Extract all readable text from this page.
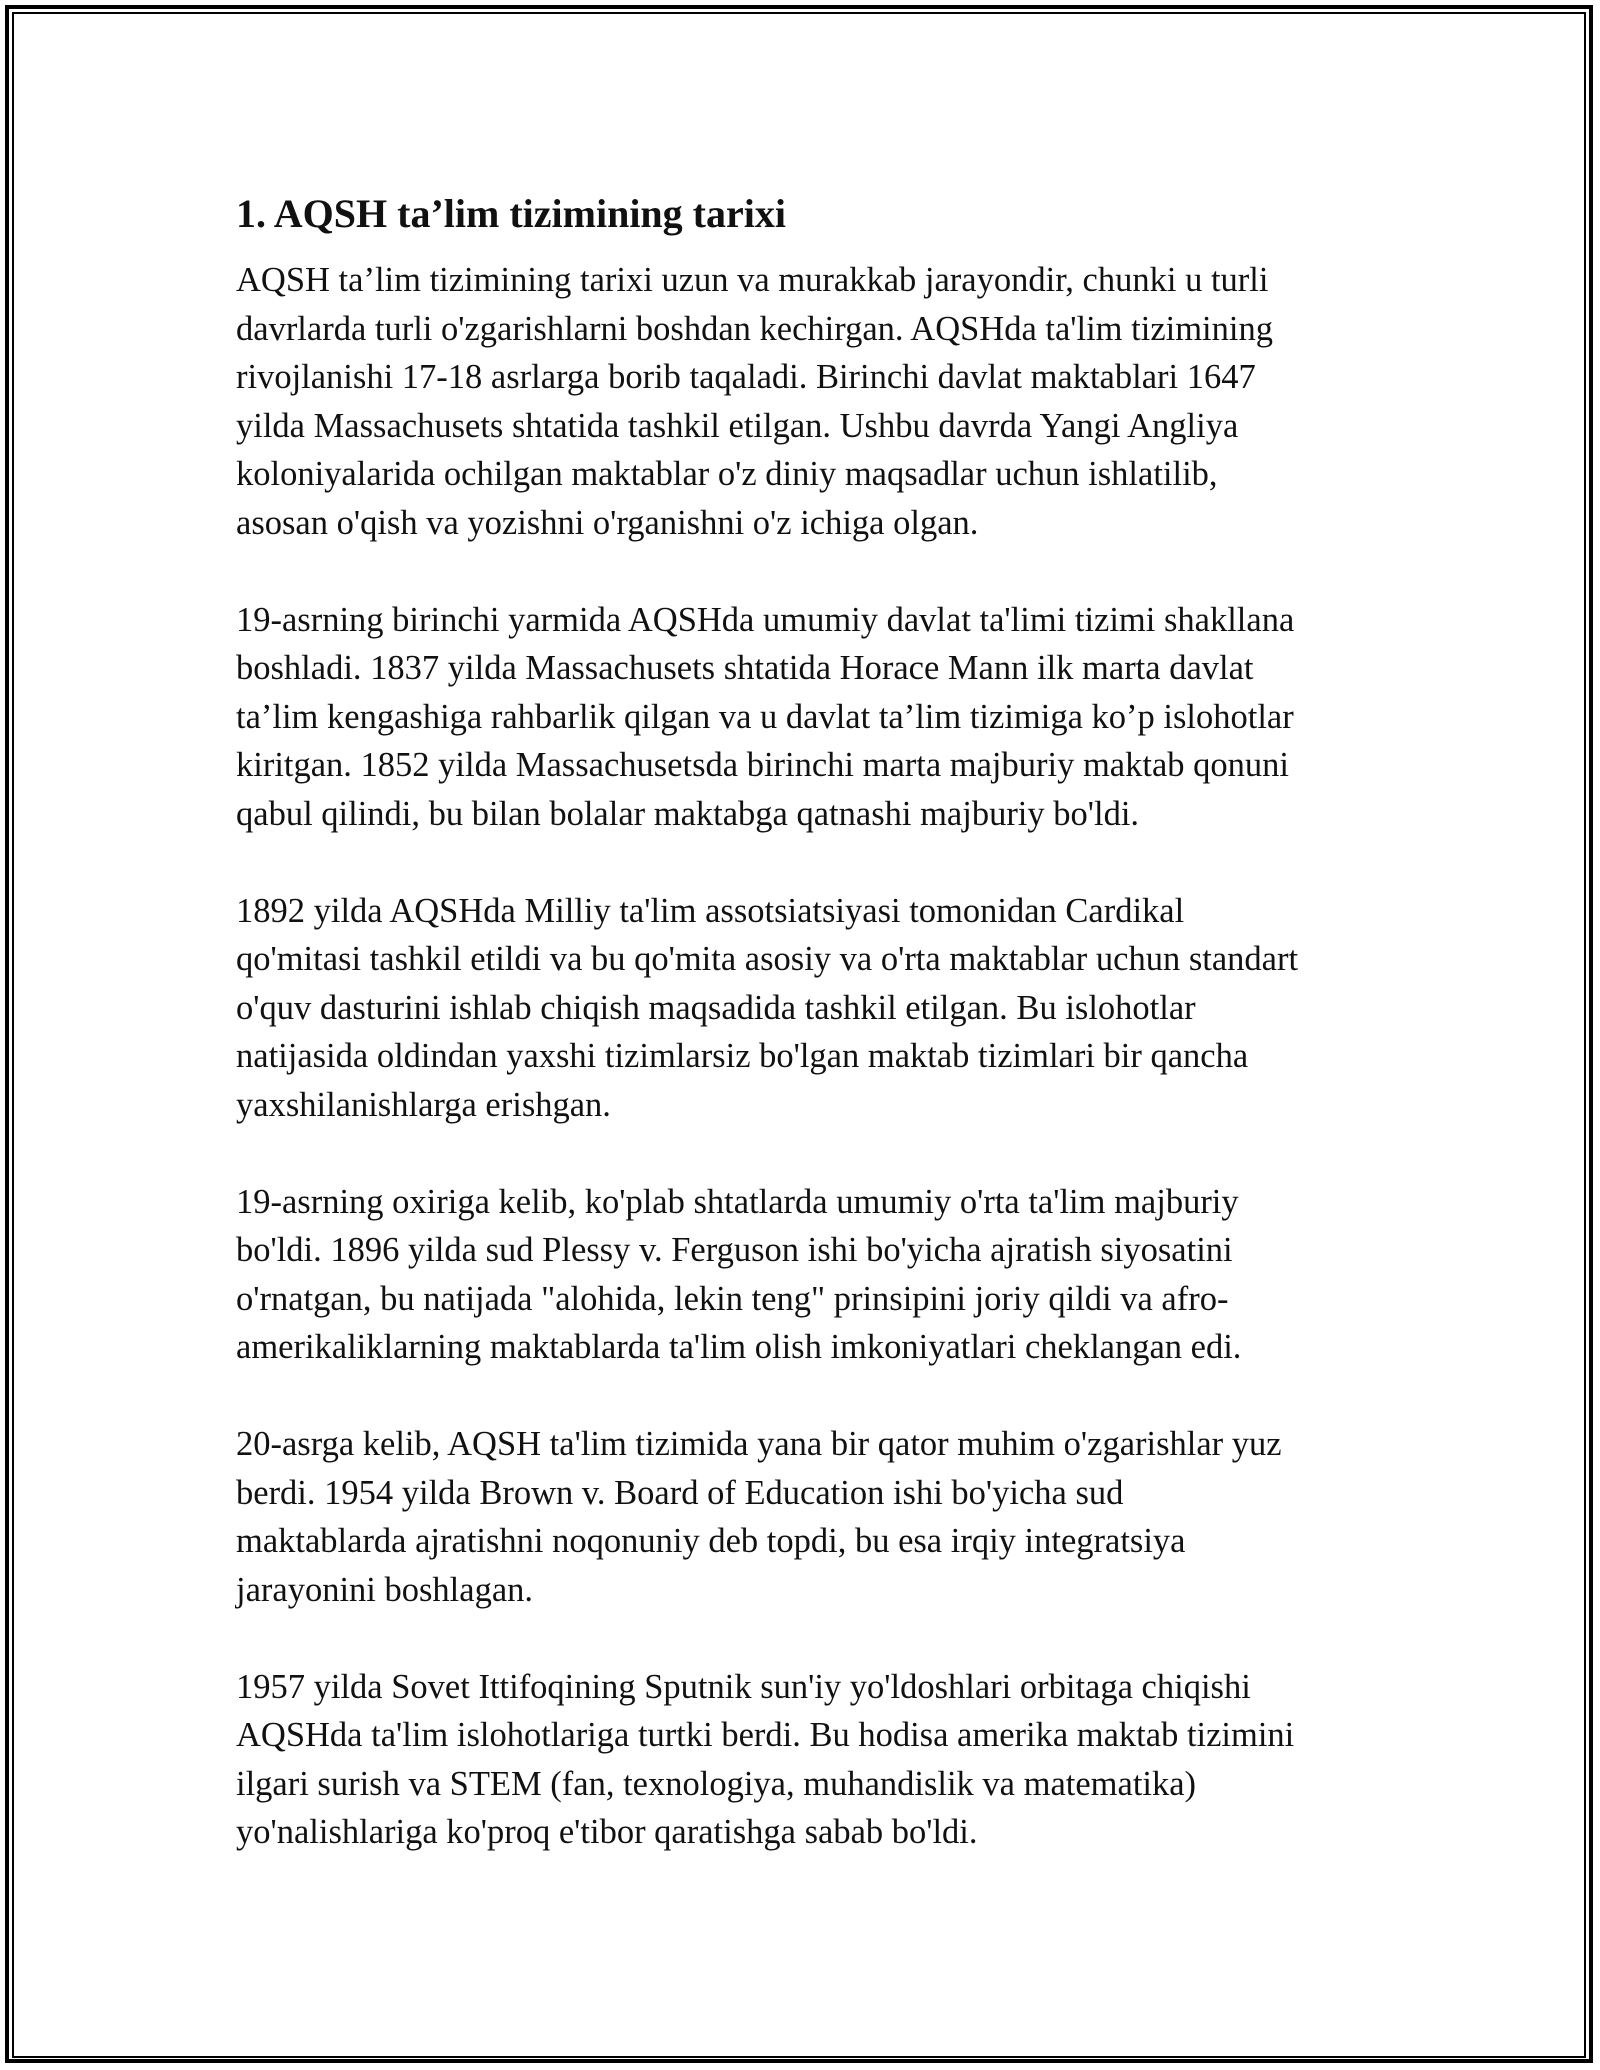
1. AQSH ta’lim tizimining tarixi
AQSH ta’lim tizimining tarixi uzun va murakkab jarayondir, chunki u turli
davrlarda turli o'zgarishlarni boshdan kechirgan. AQSHda ta'lim tizimining
rivojlanishi 17-18 asrlarga borib taqaladi. Birinchi davlat maktablari 1647
yilda Massachusets shtatida tashkil etilgan. Ushbu davrda Yangi Angliya
koloniyalarida ochilgan maktablar o'z diniy maqsadlar uchun ishlatilib,
asosan o'qish va yozishni o'rganishni o'z ichiga olgan.
19-asrning birinchi yarmida AQSHda umumiy davlat ta'limi tizimi shakllana
boshladi. 1837 yilda Massachusets shtatida Horace Mann ilk marta davlat
ta’lim kengashiga rahbarlik qilgan va u davlat ta’lim tizimiga ko’p islohotlar
kiritgan. 1852 yilda Massachusetsda birinchi marta majburiy maktab qonuni
qabul qilindi, bu bilan bolalar maktabga qatnashi majburiy bo'ldi.
1892 yilda AQSHda Milliy ta'lim assotsiatsiyasi tomonidan Cardikal
qo'mitasi tashkil etildi va bu qo'mita asosiy va o'rta maktablar uchun standart
o'quv dasturini ishlab chiqish maqsadida tashkil etilgan. Bu islohotlar
natijasida oldindan yaxshi tizimlarsiz bo'lgan maktab tizimlari bir qancha
yaxshilanishlarga erishgan.
19-asrning oxiriga kelib, ko'plab shtatlarda umumiy o'rta ta'lim majburiy
bo'ldi. 1896 yilda sud Plessy v. Ferguson ishi bo'yicha ajratish siyosatini
o'rnatgan, bu natijada "alohida, lekin teng" prinsipini joriy qildi va afro-
amerikaliklarning maktablarda ta'lim olish imkoniyatlari cheklangan edi.
20-asrga kelib, AQSH ta'lim tizimida yana bir qator muhim o'zgarishlar yuz
berdi. 1954 yilda Brown v. Board of Education ishi bo'yicha sud
maktablarda ajratishni noqonuniy deb topdi, bu esa irqiy integratsiya
jarayonini boshlagan.
1957 yilda Sovet Ittifoqining Sputnik sun'iy yo'ldoshlari orbitaga chiqishi
AQSHda ta'lim islohotlariga turtki berdi. Bu hodisa amerika maktab tizimini
ilgari surish va STEM (fan, texnologiya, muhandislik va matematika)
yo'nalishlariga ko'proq e'tibor qaratishga sabab bo'ldi.
